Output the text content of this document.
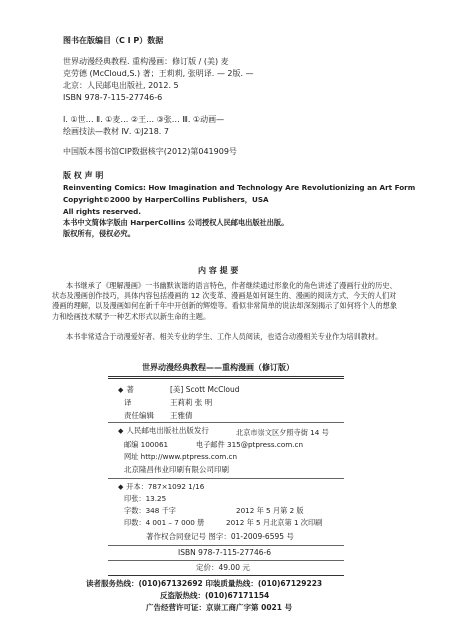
图书在版编目（C I P）数据
世界动漫经典教程. 重构漫画：修订版 / (美) 麦
克劳德 (McCloud,S.) 著；王莉莉, 张明译. — 2版. —
北京：人民邮电出版社, 2012. 5
ISBN 978-7-115-27746-6
Ⅰ. ①世… Ⅱ. ①麦… ②王… ③张… Ⅲ. ①动画—
绘画技法—教材 Ⅳ. ①J218. 7
中国版本图书馆CIP数据核字(2012)第041909号
版 权 声 明
Reinventing Comics: How Imagination and Technology Are Revolutionizing an Art Form
Copyright©2000 by HarperCollins Publishers，USA
All rights reserved.
本书中文简体字版由 HarperCollins 公司授权人民邮电出版社出版。
版权所有，侵权必究。
内 容 提 要
本书继承了《理解漫画》一书幽默诙谐的语言特色，作者继续通过形象化的角色讲述了漫画行业的历史、状态及漫画创作技巧，具体内容包括漫画的 12 次变革、漫画是如何诞生的、漫画的阅读方式、今天的人们对漫画的理解，以及漫画如何在新千年中开创新的辉煌等。看似非常简单的说法却深刻揭示了如何将个人的想象力和绘画技术赋予一种艺术形式以新生命的主题。
本书非常适合于动漫爱好者、相关专业的学生、工作人员阅读，也适合动漫相关专业作为培训教材。
世界动漫经典教程——重构漫画（修订版）
◆ 著	[美] Scott McCloud
译	王莉莉 张 明
责任编辑 王雅倩
◆ 人民邮电出版社出版发行	北京市崇文区夕照寺街 14 号
邮编 100061	电子邮件 315@ptpress.com.cn
网址 http://www.ptpress.com.cn
北京隆昌伟业印刷有限公司印刷
◆ 开本：787×1092 1/16
印张：13.25
字数：348 千字	2012 年 5 月第 2 版
印数：4 001 – 7 000 册	2012 年 5 月北京第 1 次印刷
著作权合同登记号 图字：01-2009-6595 号
ISBN 978-7-115-27746-6
定价：49.00 元
读者服务热线：(010)67132692 印装质量热线：(010)67129223
反盗版热线：(010)67171154
广告经营许可证：京崇工商广字第 0021 号
